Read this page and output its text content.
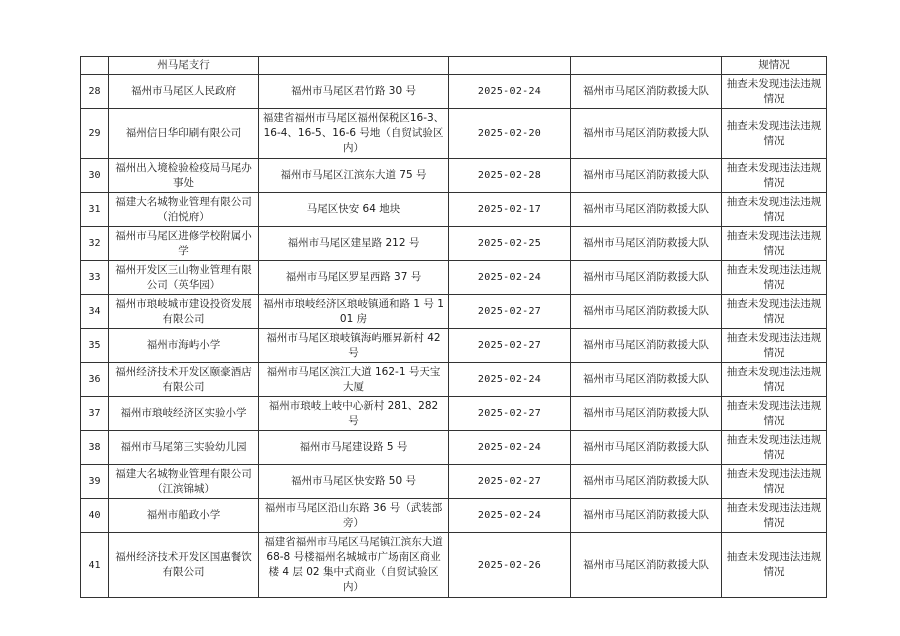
	州马尾支行				规情况
28	福州市马尾区人民政府	福州市马尾区君竹路 30 号	2025-02-24	福州市马尾区消防救援大队	抽查未发现违法违规情况
29	福州信日华印刷有限公司	福建省福州市马尾区福州保税区16-3、16-4、16-5、16-6 号地（自贸试验区内）	2025-02-20	福州市马尾区消防救援大队	抽查未发现违法违规情况
30	福州出入境检验检疫局马尾办事处	福州市马尾区江滨东大道 75 号	2025-02-28	福州市马尾区消防救援大队	抽查未发现违法违规情况
31	福建大名城物业管理有限公司（泊悦府）	马尾区快安 64 地块	2025-02-17	福州市马尾区消防救援大队	抽查未发现违法违规情况
32	福州市马尾区进修学校附属小学	福州市马尾区建星路 212 号	2025-02-25	福州市马尾区消防救援大队	抽查未发现违法违规情况
33	福州开发区三山物业管理有限公司（英华园）	福州市马尾区罗星西路 37 号	2025-02-24	福州市马尾区消防救援大队	抽查未发现违法违规情况
34	福州市琅岐城市建设投资发展有限公司	福州市琅岐经济区琅岐镇通和路 1 号 101 房	2025-02-27	福州市马尾区消防救援大队	抽查未发现违法违规情况
35	福州市海屿小学	福州市马尾区琅岐镇海屿雁昇新村 42 号	2025-02-27	福州市马尾区消防救援大队	抽查未发现违法违规情况
36	福州经济技术开发区颐豪酒店有限公司	福州市马尾区滨江大道 162-1 号天宝大厦	2025-02-24	福州市马尾区消防救援大队	抽查未发现违法违规情况
37	福州市琅岐经济区实验小学	福州市琅岐上岐中心新村 281、282 号	2025-02-27	福州市马尾区消防救援大队	抽查未发现违法违规情况
38	福州市马尾第三实验幼儿园	福州市马尾建设路 5 号	2025-02-24	福州市马尾区消防救援大队	抽查未发现违法违规情况
39	福建大名城物业管理有限公司（江滨锦城）	福州市马尾区快安路 50 号	2025-02-27	福州市马尾区消防救援大队	抽查未发现违法违规情况
40	福州市船政小学	福州市马尾区沿山东路 36 号（武装部旁）	2025-02-24	福州市马尾区消防救援大队	抽查未发现违法违规情况
41	福州经济技术开发区国惠餐饮有限公司	福建省福州市马尾区马尾镇江滨东大道 68-8 号楼福州名城城市广场南区商业楼 4 层 02 集中式商业（自贸试验区内）	2025-02-26	福州市马尾区消防救援大队	抽查未发现违法违规情况
